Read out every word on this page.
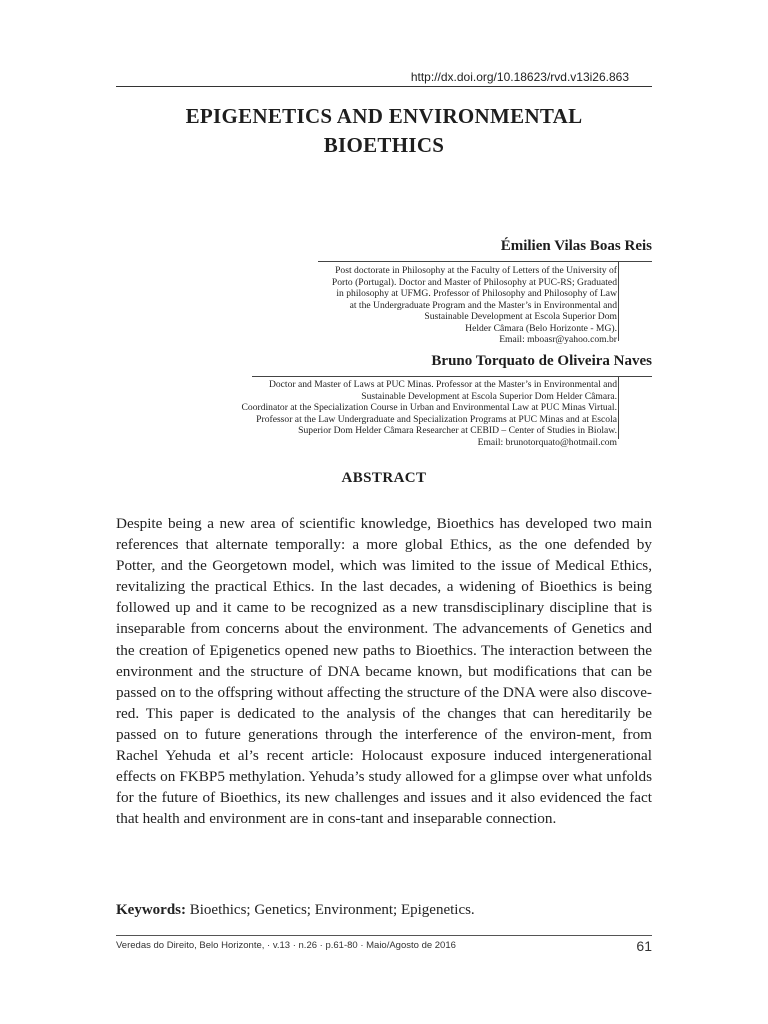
http://dx.doi.org/10.18623/rvd.v13i26.863
EPIGENETICS AND ENVIRONMENTAL
BIOETHICS
Émilien Vilas Boas Reis
Post doctorate in Philosophy at the Faculty of Letters of the University of
Porto (Portugal). Doctor and Master of Philosophy at PUC-RS; Graduated
in philosophy at UFMG. Professor of Philosophy and Philosophy of Law
at the Undergraduate Program and the Master’s in Environmental and
Sustainable Development at Escola Superior Dom
Helder Câmara (Belo Horizonte - MG).
Email: mboasr@yahoo.com.br
Bruno Torquato de Oliveira Naves
Doctor and Master of Laws at PUC Minas. Professor at the Master’s in Environmental and
Sustainable Development at Escola Superior Dom Helder Câmara.
Coordinator at the Specialization Course in Urban and Environmental Law at PUC Minas Virtual.
Professor at the Law Undergraduate and Specialization Programs at PUC Minas and at Escola
Superior Dom Helder Câmara Researcher at CEBID – Center of Studies in Biolaw.
Email: brunotorquato@hotmail.com
ABSTRACT
Despite being a new area of scientific knowledge, Bioethics has developed two main references that alternate temporally: a more global Ethics, as the one defended by Potter, and the Georgetown model, which was limited to the issue of Medical Ethics, revitalizing the practical Ethics. In the last decades, a widening of Bioethics is being followed up and it came to be recognized as a new transdisciplinary discipline that is inseparable from concerns about the environment. The advancements of Genetics and the creation of Epigenetics opened new paths to Bioethics. The interaction between the environment and the structure of DNA became known, but modifications that can be passed on to the offspring without affecting the structure of the DNA were also discove-red. This paper is dedicated to the analysis of the changes that can hereditarily be passed on to future generations through the interference of the environ-ment, from Rachel Yehuda et al’s recent article: Holocaust exposure induced intergenerational effects on FKBP5 methylation. Yehuda’s study allowed for a glimpse over what unfolds for the future of Bioethics, its new challenges and issues and it also evidenced the fact that health and environment are in cons-tant and inseparable connection.
Keywords: Bioethics; Genetics; Environment; Epigenetics.
Veredas do Direito, Belo Horizonte, · v.13 · n.26 · p.61-80 · Maio/Agosto de 2016	61
